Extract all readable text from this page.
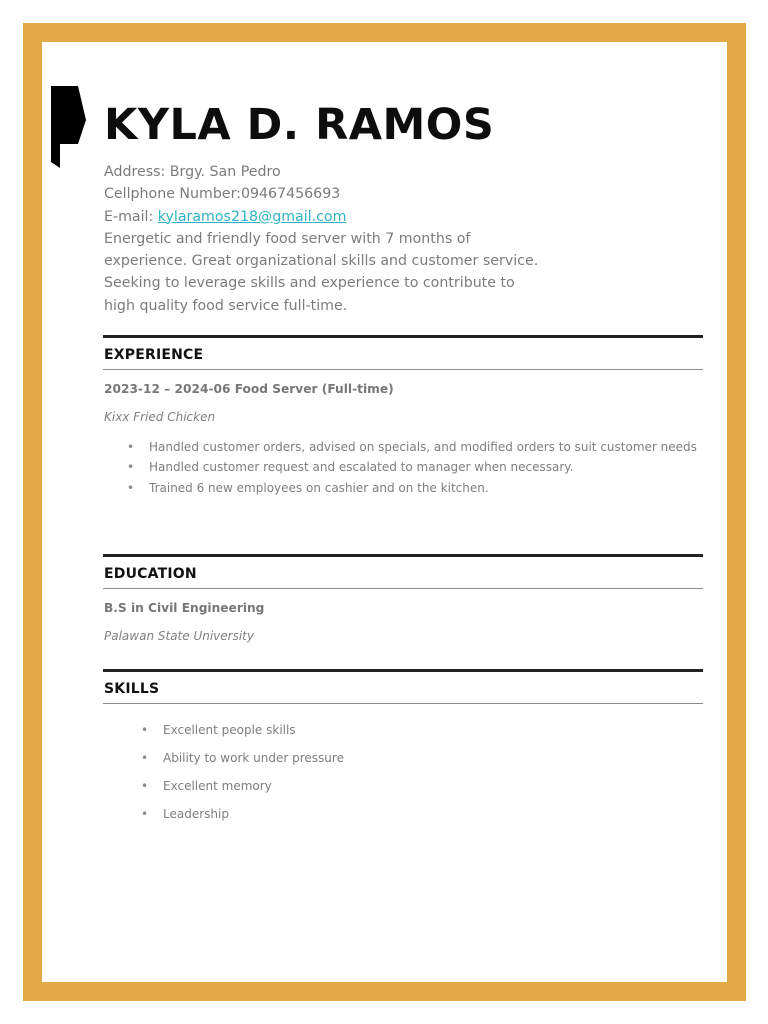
KYLA D. RAMOS
Address: Brgy. San Pedro
Cellphone Number:09467456693
E-mail: kylaramos218@gmail.com
Energetic and friendly food server with 7 months of experience. Great organizational skills and customer service. Seeking to leverage skills and experience to contribute to high quality food service full-time.
EXPERIENCE
2023-12 – 2024-06 Food Server (Full-time)
Kixx Fried Chicken
• Handled customer orders, advised on specials, and modified orders to suit customer needs
• Handled customer request and escalated to manager when necessary.
• Trained 6 new employees on cashier and on the kitchen.
EDUCATION
B.S in Civil Engineering
Palawan State University
SKILLS
• Excellent people skills
• Ability to work under pressure
• Excellent memory
• Leadership
